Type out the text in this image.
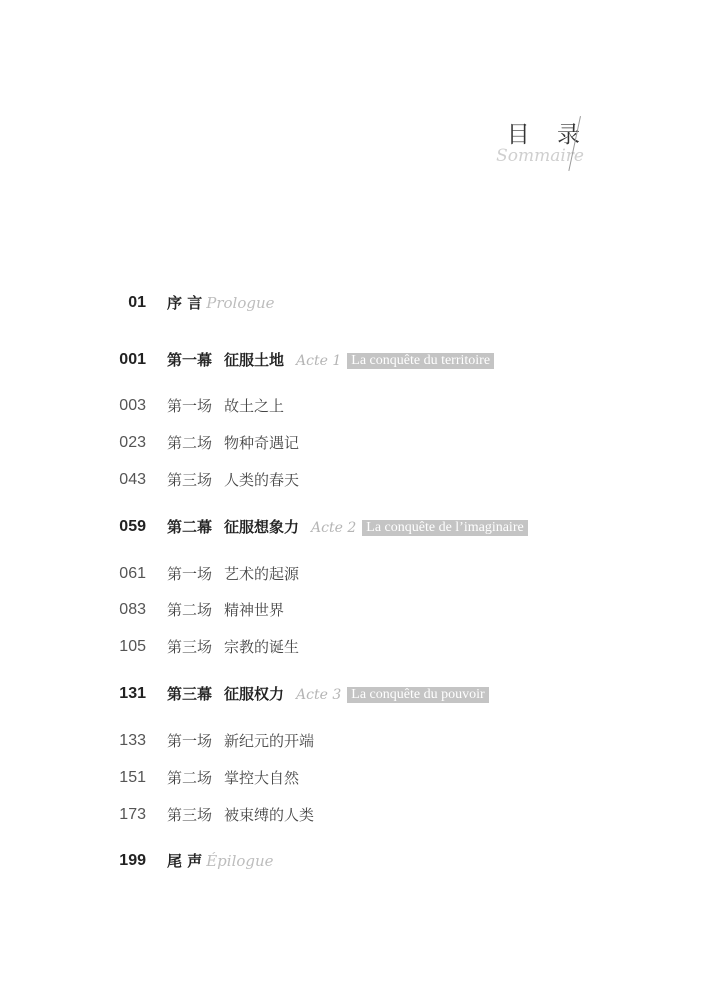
目 录
Sommaire
01 序 言 Prologue
001 第一幕 征服土地 Acte 1 La conquête du territoire
003 第一场 故土之上
023 第二场 物种奇遇记
043 第三场 人类的春天
059 第二幕 征服想象力 Acte 2 La conquête de l’imaginaire
061 第一场 艺术的起源
083 第二场 精神世界
105 第三场 宗教的诞生
131 第三幕 征服权力 Acte 3 La conquête du pouvoir
133 第一场 新纪元的开端
151 第二场 掌控大自然
173 第三场 被束缚的人类
199 尾 声 Épilogue
